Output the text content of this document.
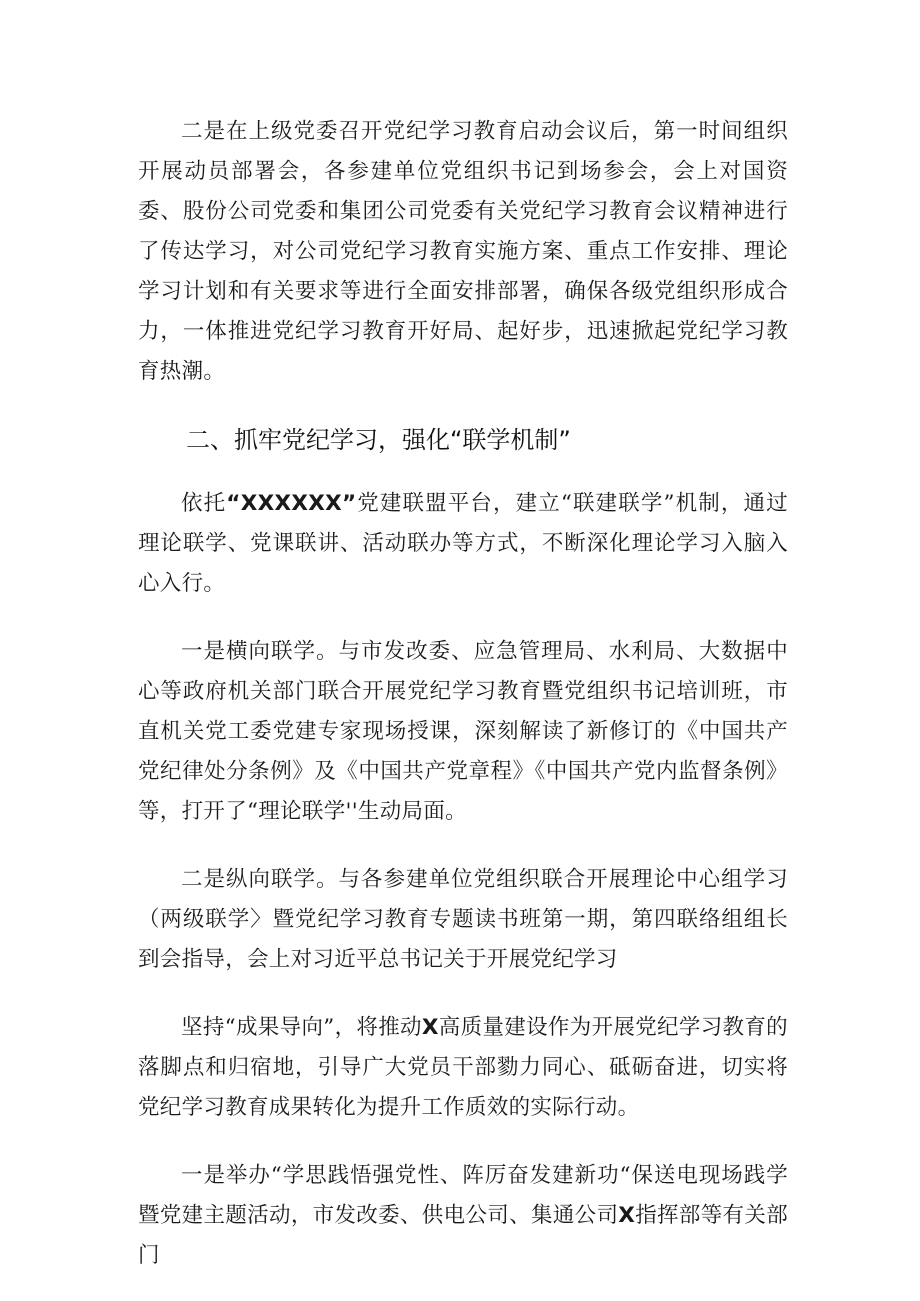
二是在上级党委召开党纪学习教育启动会议后，第一时间组织开展动员部署会，各参建单位党组织书记到场参会，会上对国资委、股份公司党委和集团公司党委有关党纪学习教育会议精神进行了传达学习，对公司党纪学习教育实施方案、重点工作安排、理论学习计划和有关要求等进行全面安排部署，确保各级党组织形成合力，一体推进党纪学习教育开好局、起好步，迅速掀起党纪学习教育热潮。

二、抓牢党纪学习，强化“联学机制”

依托“XXXXXX”党建联盟平台，建立“联建联学”机制，通过理论联学、党课联讲、活动联办等方式，不断深化理论学习入脑入心入行。

一是横向联学。与市发改委、应急管理局、水利局、大数据中心等政府机关部门联合开展党纪学习教育暨党组织书记培训班，市直机关党工委党建专家现场授课，深刻解读了新修订的《中国共产党纪律处分条例》及《中国共产党章程》《中国共产党内监督条例》等，打开了“理论联学''生动局面。

二是纵向联学。与各参建单位党组织联合开展理论中心组学习（两级联学〉暨党纪学习教育专题读书班第一期，第四联络组组长到会指导，会上对习近平总书记关于开展党纪学习

坚持“成果导向”，将推动X高质量建设作为开展党纪学习教育的落脚点和归宿地，引导广大党员干部勠力同心、砥砺奋进，切实将党纪学习教育成果转化为提升工作质效的实际行动。

一是举办“学思践悟强党性、阵厉奋发建新功“保送电现场践学暨党建主题活动，市发改委、供电公司、集通公司X指挥部等有关部门
